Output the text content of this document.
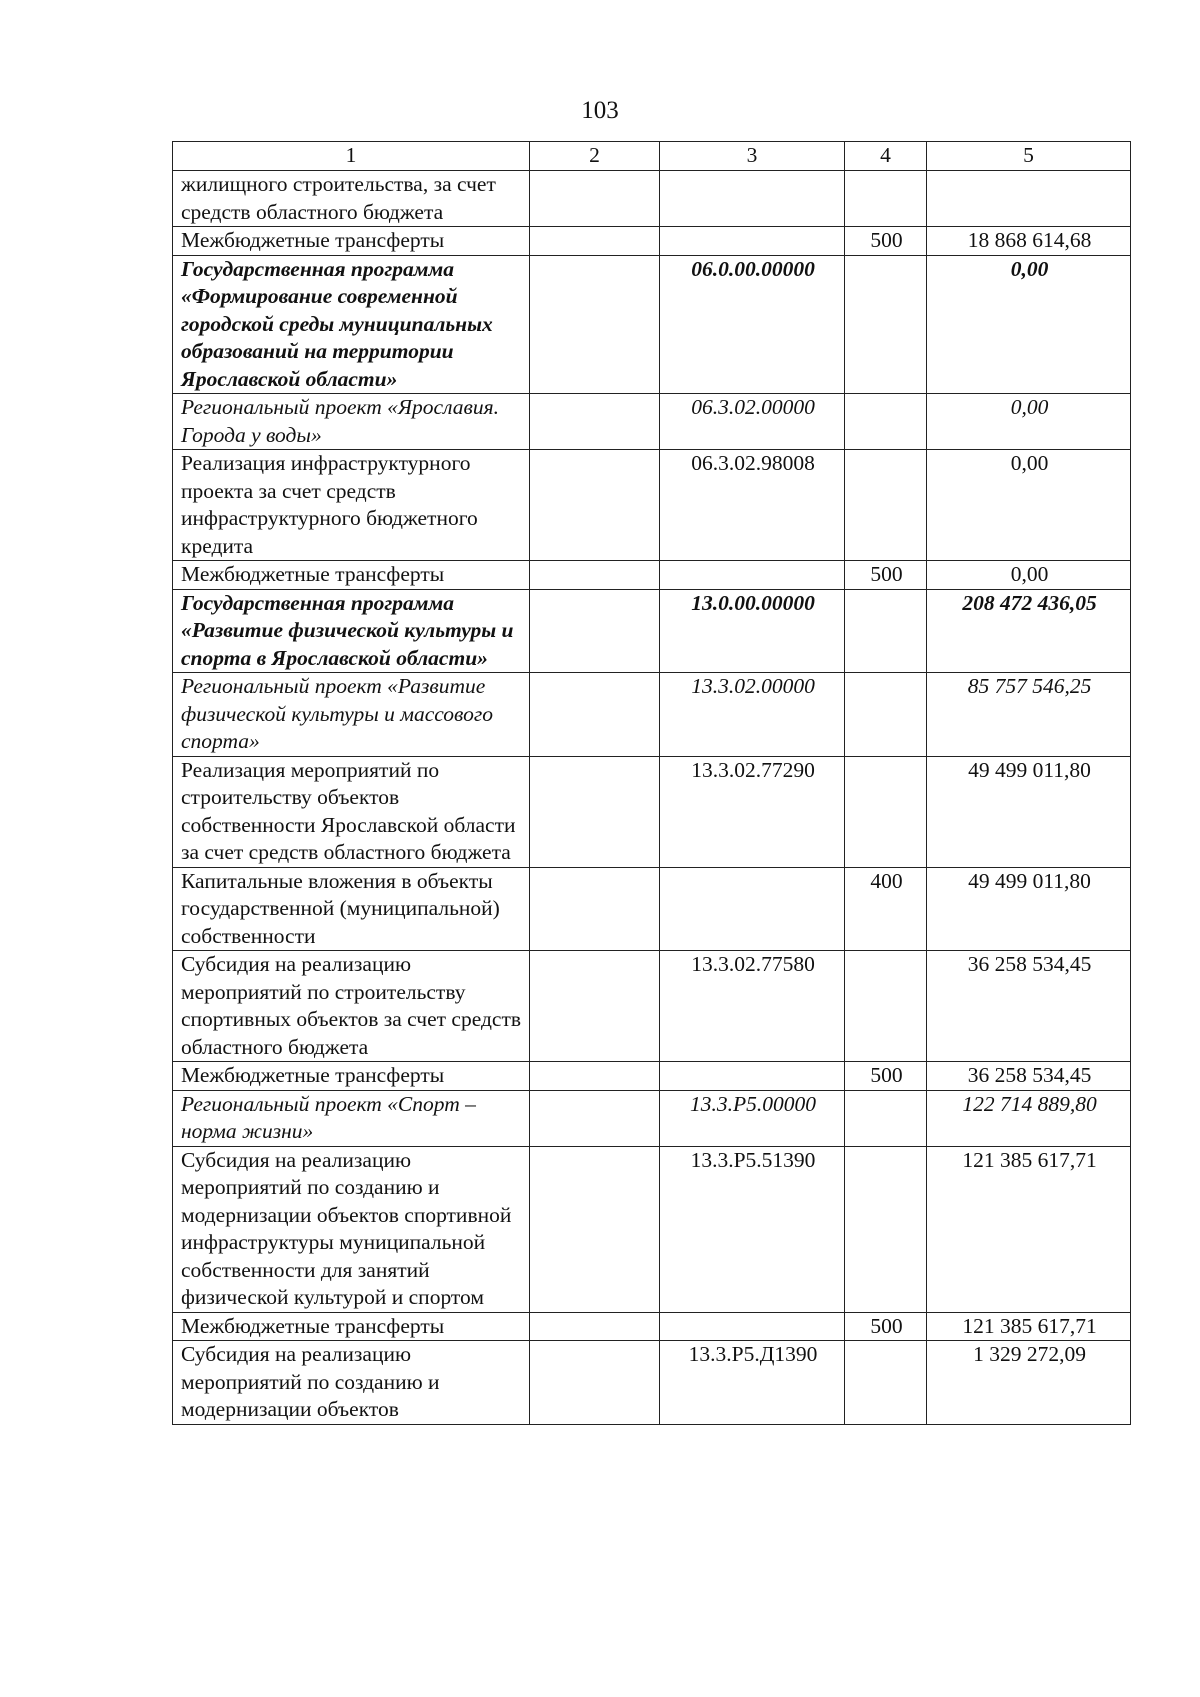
103
1	2	3	4	5
жилищного строительства, за счет средств областного бюджета				
Межбюджетные трансферты			500	18 868 614,68
Государственная программа «Формирование современной городской среды муниципальных образований на территории Ярославской области»		06.0.00.00000		0,00
Региональный проект «Ярославия. Города у воды»		06.3.02.00000		0,00
Реализация инфраструктурного проекта за счет средств инфраструктурного бюджетного кредита		06.3.02.98008		0,00
Межбюджетные трансферты			500	0,00
Государственная программа «Развитие физической культуры и спорта в Ярославской области»		13.0.00.00000		208 472 436,05
Региональный проект «Развитие физической культуры и массового спорта»		13.3.02.00000		85 757 546,25
Реализация мероприятий по строительству объектов собственности Ярославской области за счет средств областного бюджета		13.3.02.77290		49 499 011,80
Капитальные вложения в объекты государственной (муниципальной) собственности			400	49 499 011,80
Субсидия на реализацию мероприятий по строительству спортивных объектов за счет средств областного бюджета		13.3.02.77580		36 258 534,45
Межбюджетные трансферты			500	36 258 534,45
Региональный проект «Спорт – норма жизни»		13.3.P5.00000		122 714 889,80
Субсидия на реализацию мероприятий по созданию и модернизации объектов спортивной инфраструктуры муниципальной собственности для занятий физической культурой и спортом		13.3.P5.51390		121 385 617,71
Межбюджетные трансферты			500	121 385 617,71
Субсидия на реализацию мероприятий по созданию и модернизации объектов		13.3.P5.Д1390		1 329 272,09
